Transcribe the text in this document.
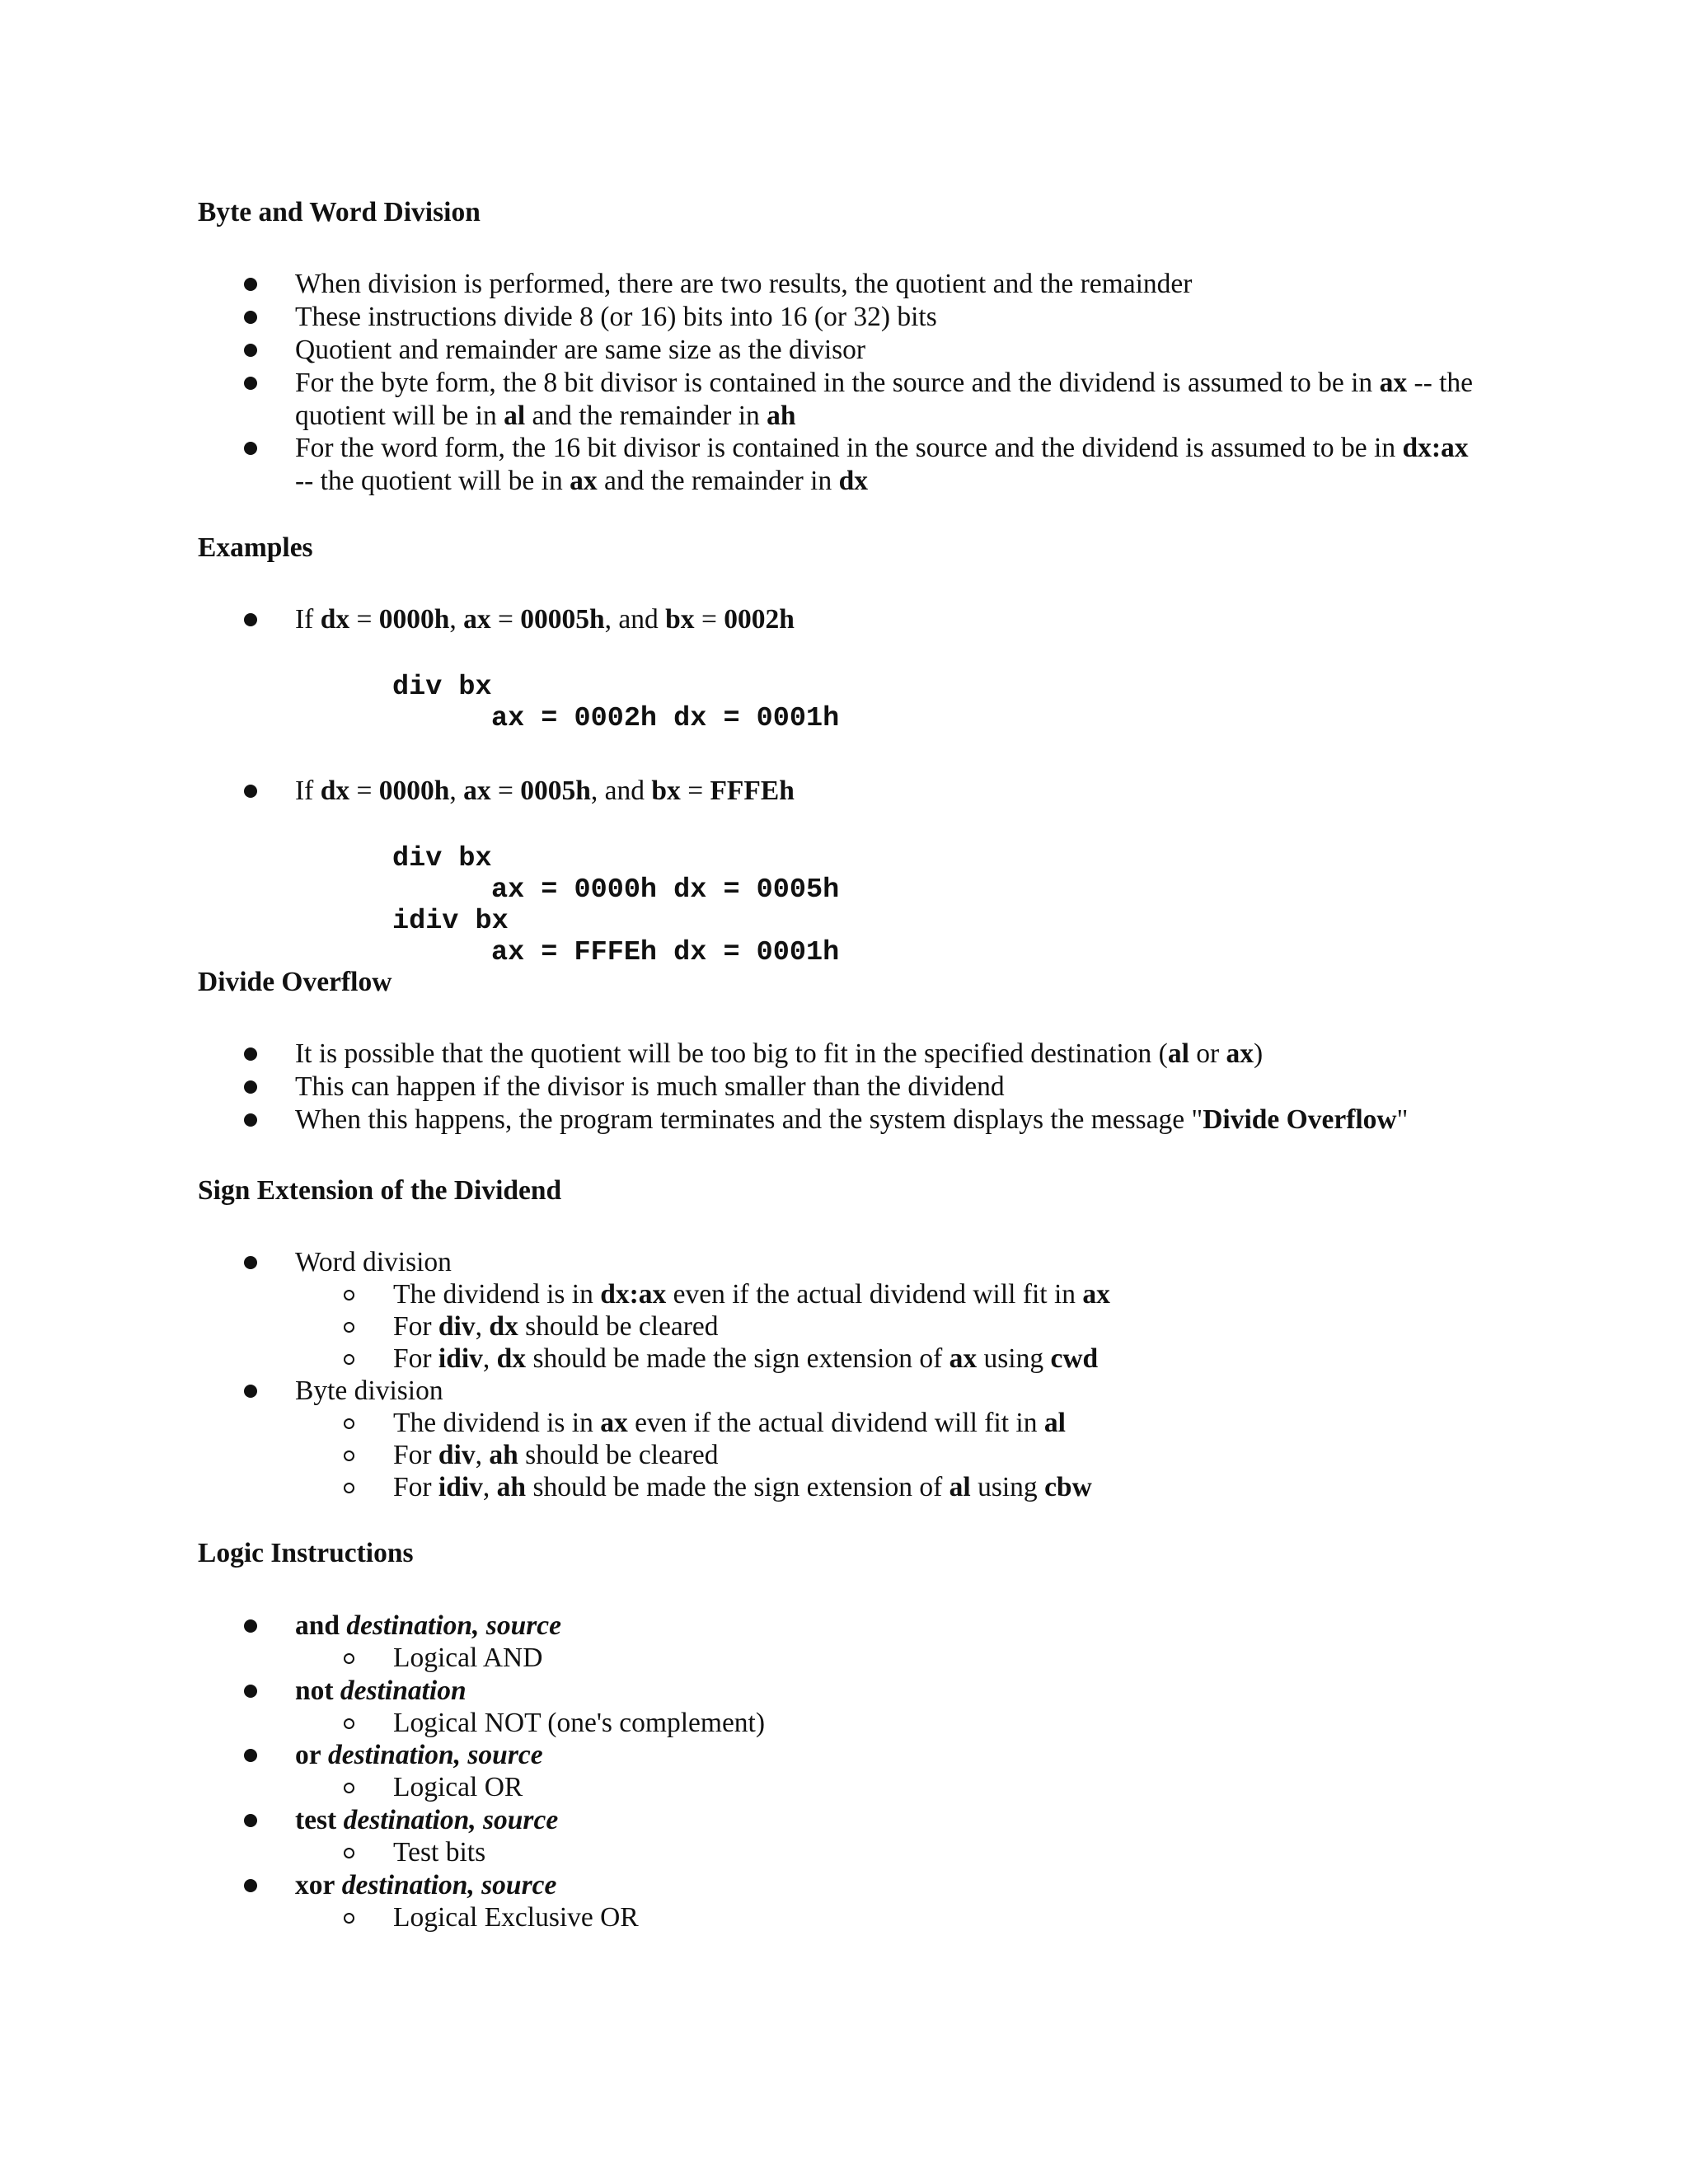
Byte and Word Division
When division is performed, there are two results, the quotient and the remainder
These instructions divide 8 (or 16) bits into 16 (or 32) bits
Quotient and remainder are same size as the divisor
For the byte form, the 8 bit divisor is contained in the source and the dividend is assumed to be in ax -- the quotient will be in al and the remainder in ah
For the word form, the 16 bit divisor is contained in the source and the dividend is assumed to be in dx:ax -- the quotient will be in ax and the remainder in dx
Examples
If dx = 0000h, ax = 00005h, and bx = 0002h
div bx
ax = 0002h dx = 0001h
If dx = 0000h, ax = 0005h, and bx = FFFEh
div bx
ax = 0000h dx = 0005h
idiv bx
ax = FFFEh dx = 0001h
Divide Overflow
It is possible that the quotient will be too big to fit in the specified destination (al or ax)
This can happen if the divisor is much smaller than the dividend
When this happens, the program terminates and the system displays the message "Divide Overflow"
Sign Extension of the Dividend
Word division
The dividend is in dx:ax even if the actual dividend will fit in ax
For div, dx should be cleared
For idiv, dx should be made the sign extension of ax using cwd
Byte division
The dividend is in ax even if the actual dividend will fit in al
For div, ah should be cleared
For idiv, ah should be made the sign extension of al using cbw
Logic Instructions
and destination, source
Logical AND
not destination
Logical NOT (one's complement)
or destination, source
Logical OR
test destination, source
Test bits
xor destination, source
Logical Exclusive OR
